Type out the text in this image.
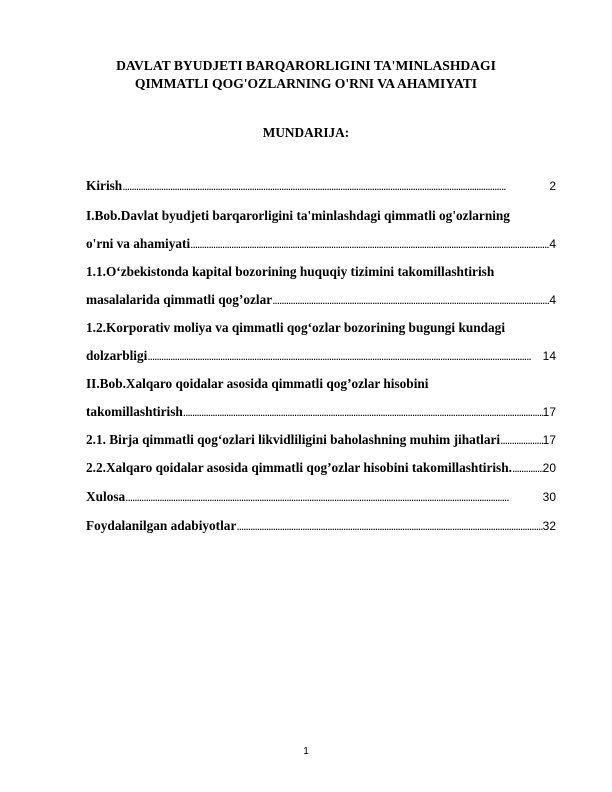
DAVLAT BYUDJETI BARQARORLIGINI TA'MINLASHDAGI
QIMMATLI QOG'OZLARNING O'RNI VA AHAMIYATI
MUNDARIJA:
Kirish . . .	2
I.Bob.Davlat byudjeti barqarorligini ta'minlashdagi qimmatli og'ozlarning
o'rni va ahamiyati . . .	4
1.1.O‘zbekistonda kapital bozorining huquqiy tizimini takomillashtirish
masalalarida qimmatli qog’ozlar . . .	4
1.2.Korporativ moliya va qimmatli qog‘ozlar bozorining bugungi kundagi
dolzarbligi . . .	14
II.Bob.Xalqaro qoidalar asosida qimmatli qog’ozlar hisobini
takomillashtirish . . .	17
2.1. Birja qimmatli qog‘ozlari likvidliligini baholashning muhim jihatlari . . .	17
2.2.Xalqaro qoidalar asosida qimmatli qog’ozlar hisobini takomillashtirish. . . .	20
Xulosa . . .	30
Foydalanilgan adabiyotlar . . .	32
1
